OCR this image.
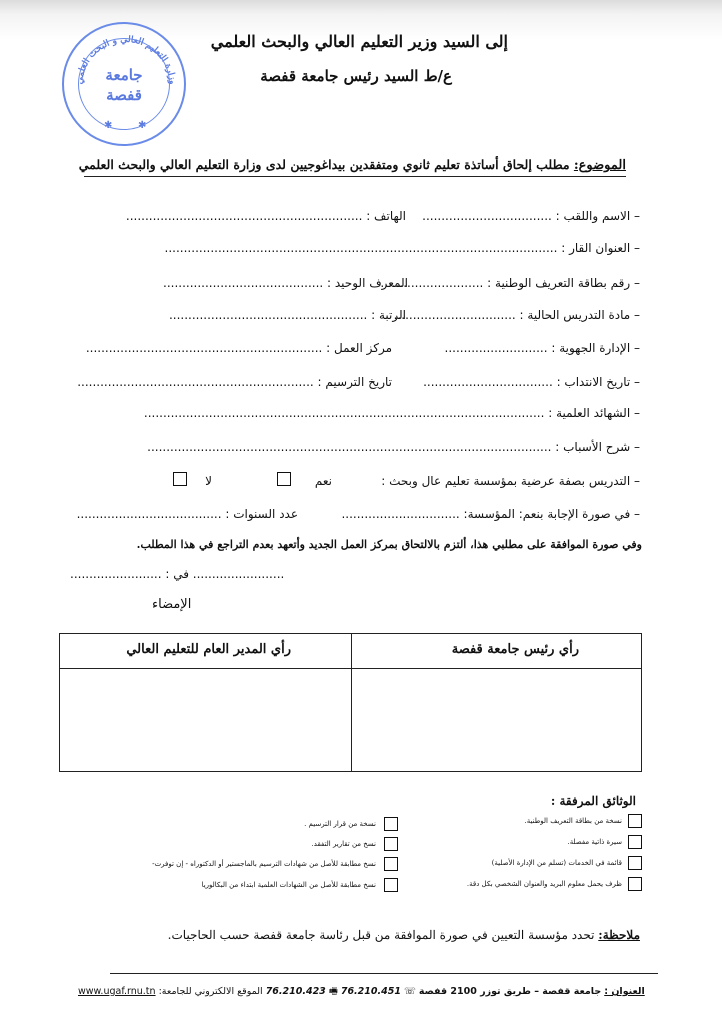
إلى السيد وزير التعليم العالي والبحث العلمي
ع/ط السيد رئيس جامعة قفصة
وزارة التعليم العالي و البحث العلمي
✱	✱
جامعة
قفصة
الموضوع: مطلب إلحاق أساتذة تعليم ثانوي ومتفقدين بيداغوجيين لدى وزارة التعليم العالي والبحث العلمي
– الاسم واللقب : ..................................
الهاتف : ..............................................................
– العنوان القار : .......................................................................................................
– رقم بطاقة التعريف الوطنية : ...........................
المعرف الوحيد : ..........................................
– مادة التدريس الحالية : ................................
الرتبة : ....................................................
– الإدارة الجهوية : ...........................
مركز العمل : ..............................................................
– تاريخ الانتداب : ..................................
تاريخ الترسيم : ..............................................................
– الشهائد العلمية : .........................................................................................................
– شرح الأسباب : ..........................................................................................................
– التدريس بصفة عرضية بمؤسسة تعليم عال وبحث :
نعم
لا
– في صورة الإجابة بنعم: المؤسسة: ...............................
عدد السنوات : ......................................
وفي صورة الموافقة على مطلبي هذا، ألتزم بالالتحاق بمركز العمل الجديد وأتعهد بعدم التراجع في هذا المطلب.
........................ في : ........................
الإمضاء
رأي رئيس جامعة قفصة
رأي المدير العام للتعليم العالي
الوثائق المرفقة :
نسخة من بطاقة التعريف الوطنية.
سيرة ذاتية مفصلة.
قائمة في الخدمات (تسلم من الإدارة الأصلية)
ظرف يحمل معلوم البريد والعنوان الشخصي بكل دقة.
نسخة من قرار الترسيم .
نسخ من تقارير التفقد.
نسخ مطابقة للأصل من شهادات الترسيم بالماجستير أو الدكتوراه - إن توفرت-
نسخ مطابقة للأصل من الشهادات العلمية ابتداء من البكالوريا
ملاحظة: تحدد مؤسسة التعيين في صورة الموافقة من قبل رئاسة جامعة قفصة حسب الحاجيات.
www.ugaf.rnu.tn الموقع الالكتروني للجامعة: 76.210.423 🖷 76.210.451 ☏ جامعة قفصة – طريق توزر 2100 قفصة العنوان :
